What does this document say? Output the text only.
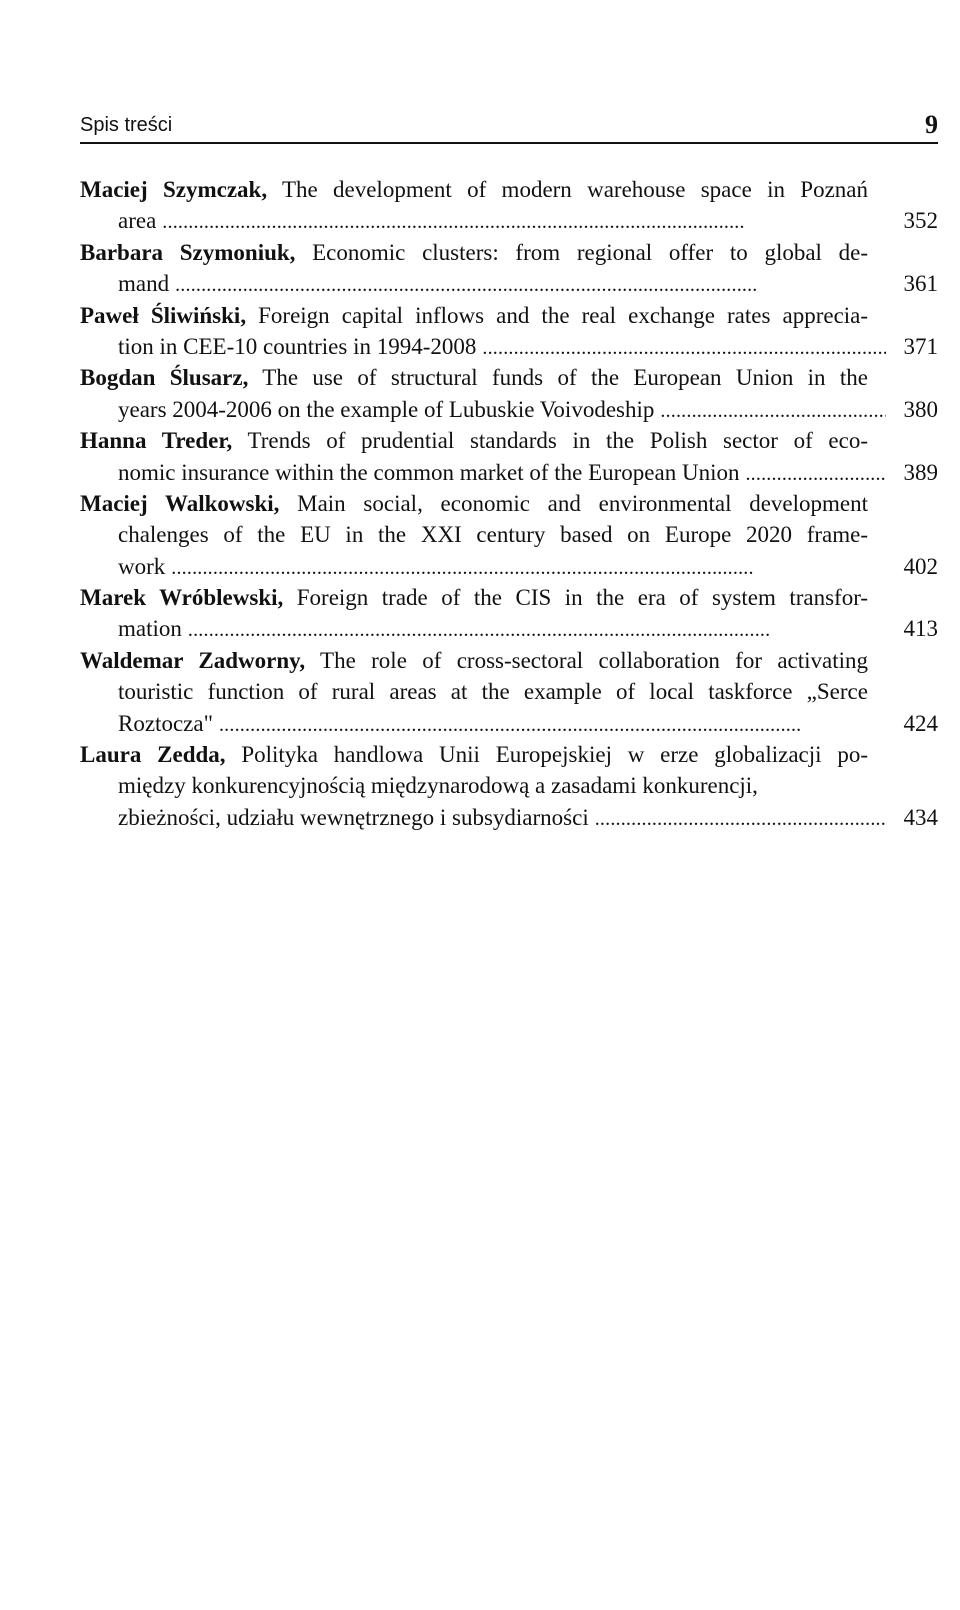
Spis treści	9
Maciej Szymczak, The development of modern warehouse space in Poznań
area . . .	352
Barbara Szymoniuk, Economic clusters: from regional offer to global de-
mand . . .	361
Paweł Śliwiński, Foreign capital inflows and the real exchange rates apprecia-
tion in CEE-10 countries in 1994-2008 . . .	371
Bogdan Ślusarz, The use of structural funds of the European Union in the
years 2004-2006 on the example of Lubuskie Voivodeship . . .	380
Hanna Treder, Trends of prudential standards in the Polish sector of eco-
nomic insurance within the common market of the European Union . . .	389
Maciej Walkowski, Main social, economic and environmental development
chalenges of the EU in the XXI century based on Europe 2020 frame-
work . . .	402
Marek Wróblewski, Foreign trade of the CIS in the era of system transfor-
mation . . .	413
Waldemar Zadworny, The role of cross-sectoral collaboration for activating
touristic function of rural areas at the example of local taskforce „Serce
Roztocza" . . .	424
Laura Zedda, Polityka handlowa Unii Europejskiej w erze globalizacji po-
między konkurencyjnością międzynarodową a zasadami konkurencji,
zbieżności, udziału wewnętrznego i subsydiarności . . .	434
